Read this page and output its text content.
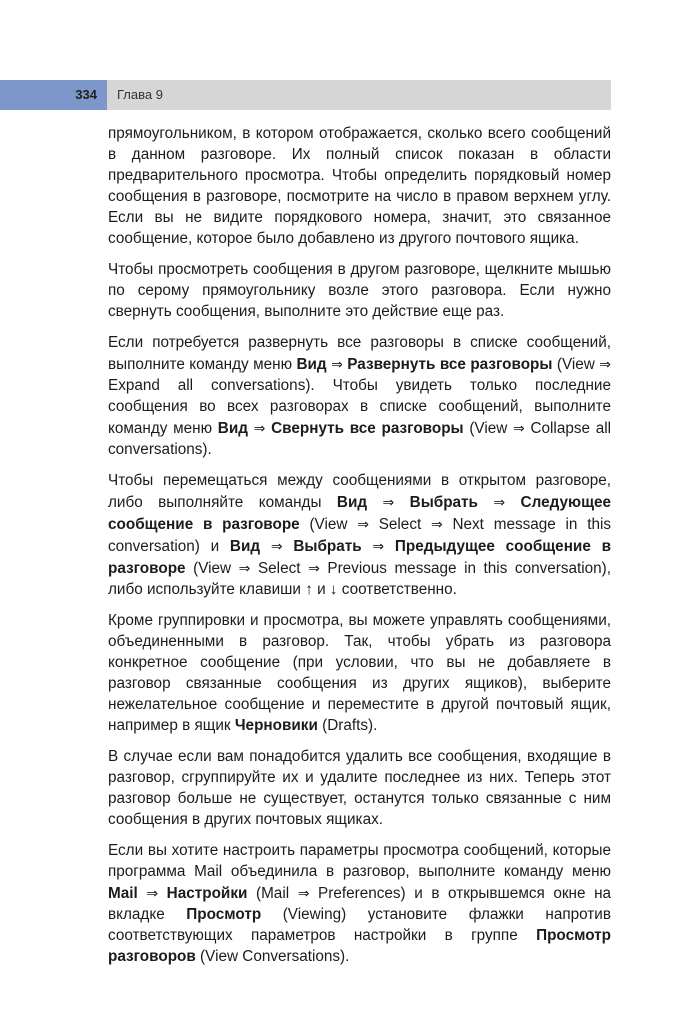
334 Глава 9

прямоугольником, в котором отображается, сколько всего сообщений в данном разговоре. Их полный список показан в области предварительного просмотра. Чтобы определить порядковый номер сообщения в разговоре, посмотрите на число в правом верхнем углу. Если вы не видите порядкового номера, значит, это связанное сообщение, которое было добавлено из другого почтового ящика.

Чтобы просмотреть сообщения в другом разговоре, щелкните мышью по серому прямоугольнику возле этого разговора. Если нужно свернуть сообщения, выполните это действие еще раз.

Если потребуется развернуть все разговоры в списке сообщений, выполните команду меню Вид ⇒ Развернуть все разговоры (View ⇒ Expand all conversations). Чтобы увидеть только последние сообщения во всех разговорах в списке сообщений, выполните команду меню Вид ⇒ Свернуть все разговоры (View ⇒ Collapse all conversations).

Чтобы перемещаться между сообщениями в открытом разговоре, либо выполняйте команды Вид ⇒ Выбрать ⇒ Следующее сообщение в разговоре (View ⇒ Select ⇒ Next message in this conversation) и Вид ⇒ Выбрать ⇒ Предыдущее сообщение в разговоре (View ⇒ Select ⇒ Previous message in this conversation), либо используйте клавиши ↑ и ↓ соответственно.

Кроме группировки и просмотра, вы можете управлять сообщениями, объединенными в разговор. Так, чтобы убрать из разговора конкретное сообщение (при условии, что вы не добавляете в разговор связанные сообщения из других ящиков), выберите нежелательное сообщение и переместите в другой почтовый ящик, например в ящик Черновики (Drafts).

В случае если вам понадобится удалить все сообщения, входящие в разговор, сгруппируйте их и удалите последнее из них. Теперь этот разговор больше не существует, останутся только связанные с ним сообщения в других почтовых ящиках.

Если вы хотите настроить параметры просмотра сообщений, которые программа Mail объединила в разговор, выполните команду меню Mail ⇒ Настройки (Mail ⇒ Preferences) и в открывшемся окне на вкладке Просмотр (Viewing) установите флажки напротив соответствующих параметров настройки в группе Просмотр разговоров (View Conversations).
